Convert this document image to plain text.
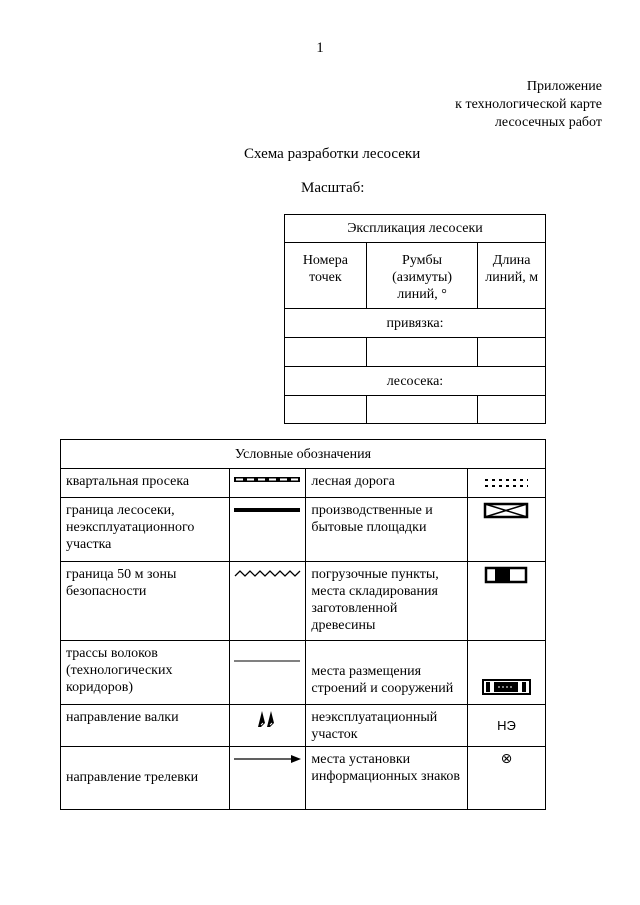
1
Приложение
к технологической карте
лесосечных работ
Схема разработки лесосеки
Масштаб:
Экспликация лесосеки		
Номера точек	Румбы (азимуты) линий, °	Длина линий, м
привязка:		

лесосека:		

Условные обозначения			
квартальная просека		лесная дорога	

граница лесосеки, неэксплуатационного участка		производственные и бытовые площадки	

граница 50 м зоны безопасности		погрузочные пункты, места складирования заготовленной древесины	

трассы волоков (технологических коридоров)		места размещения строений и сооружений	

направление валки		неэксплуатационный участок	НЭ
направление трелевки		места установки информационных знаков	⊗
